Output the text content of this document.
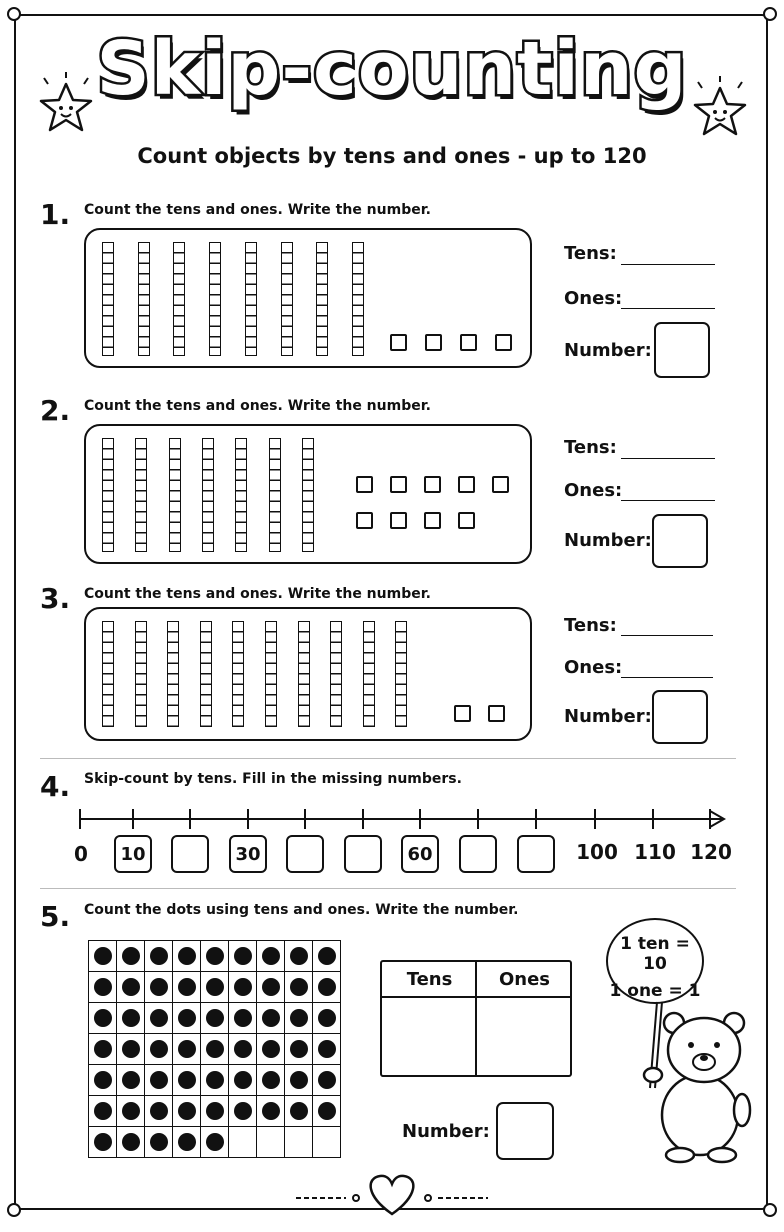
Skip-counting
Count objects by tens and ones - up to 120
1. Count the tens and ones. Write the number.
Tens:
Ones:
Number:
2. Count the tens and ones. Write the number.
Tens:
Ones:
Number:
3. Count the tens and ones. Write the number.
Tens:
Ones:
Number:
4. Skip-count by tens. Fill in the missing numbers.
0	10	30	60	100 110 120
5. Count the dots using tens and ones. Write the number.
Tens	Ones
Number:
1 ten = 10
1 one = 1
